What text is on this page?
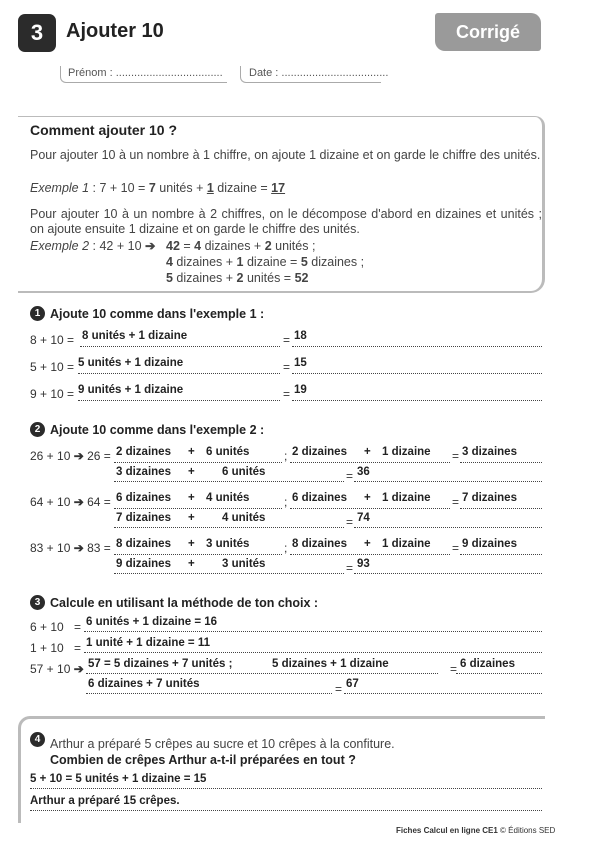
3	Ajouter 10	Corrigé
Prénom : ................................... Date : ...................................
Comment ajouter 10 ?
Pour ajouter 10 à un nombre à 1 chiffre, on ajoute 1 dizaine et on garde le chiffre des unités.
Exemple 1 : 7 + 10 = 7 unités + 1 dizaine = 17
Pour ajouter 10 à un nombre à 2 chiffres, on le décompose d'abord en dizaines et unités ; on ajoute ensuite 1 dizaine et on garde le chiffre des unités.
Exemple 2 : 42 + 10 ➔ 42 = 4 dizaines + 2 unités ;
4 dizaines + 1 dizaine = 5 dizaines ;
5 dizaines + 2 unités = 52
1 Ajoute 10 comme dans l'exemple 1 :
8 + 10 = 8 unités + 1 dizaine	= 18
5 + 10 = 5 unités + 1 dizaine	= 15
9 + 10 = 9 unités + 1 dizaine	= 19
2 Ajoute 10 comme dans l'exemple 2 :
26 + 10 ➔ 26 = 2 dizaines + 6 unités	; 2 dizaines + 1 dizaine = 3 dizaines
3 dizaines + 6 unités	= 36
64 + 10 ➔ 64 = 6 dizaines + 4 unités	; 6 dizaines + 1 dizaine = 7 dizaines
7 dizaines + 4 unités	= 74
83 + 10 ➔ 83 = 8 dizaines + 3 unités	; 8 dizaines + 1 dizaine = 9 dizaines
9 dizaines + 3 unités	= 93
3 Calcule en utilisant la méthode de ton choix :
6 + 10 = 6 unités + 1 dizaine = 16
1 + 10 = 1 unité + 1 dizaine = 11
57 + 10 ➔ 57 = 5 dizaines + 7 unités ;	5 dizaines + 1 dizaine	= 6 dizaines
6 dizaines + 7 unités	= 67
4 Arthur a préparé 5 crêpes au sucre et 10 crêpes à la confiture.
Combien de crêpes Arthur a-t-il préparées en tout ?
5 + 10 = 5 unités + 1 dizaine = 15
Arthur a préparé 15 crêpes.
Fiches Calcul en ligne CE1 © Éditions SED
